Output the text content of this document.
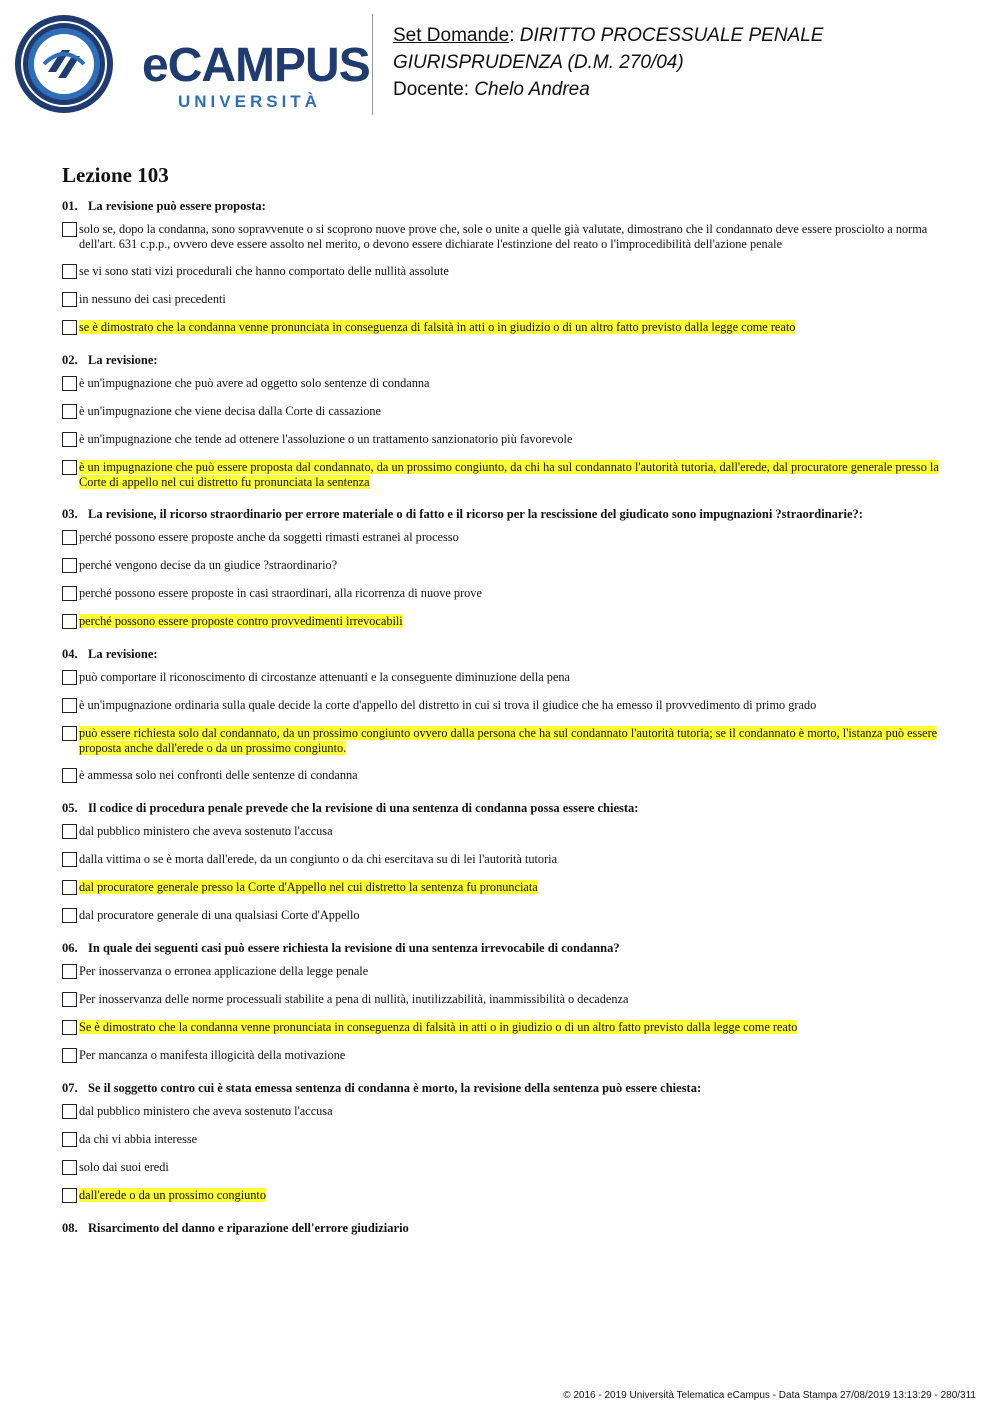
eCAMPUS
UNIVERSITÀ
Set Domande: DIRITTO PROCESSUALE PENALE
GIURISPRUDENZA (D.M. 270/04)
Docente: Chelo Andrea
Lezione 103
01. La revisione può essere proposta:
solo se, dopo la condanna, sono sopravvenute o si scoprono nuove prove che, sole o unite a quelle già valutate, dimostrano che il condannato deve essere prosciolto a norma dell'art. 631 c.p.p., ovvero deve essere assolto nel merito, o devono essere dichiarate l'estinzione del reato o l'improcedibilità dell'azione penale
se vi sono stati vizi procedurali che hanno comportato delle nullità assolute
in nessuno dei casi precedenti
se è dimostrato che la condanna venne pronunciata in conseguenza di falsità in atti o in giudizio o di un altro fatto previsto dalla legge come reato
02. La revisione:
è un'impugnazione che può avere ad oggetto solo sentenze di condanna
è un'impugnazione che viene decisa dalla Corte di cassazione
è un'impugnazione che tende ad ottenere l'assoluzione o un trattamento sanzionatorio più favorevole
è un impugnazione che può essere proposta dal condannato, da un prossimo congiunto, da chi ha sul condannato l'autorità tutoria, dall'erede, dal procuratore generale presso la Corte di appello nel cui distretto fu pronunciata la sentenza
03. La revisione, il ricorso straordinario per errore materiale o di fatto e il ricorso per la rescissione del giudicato sono impugnazioni ?straordinarie?:
perché possono essere proposte anche da soggetti rimasti estranei al processo
perché vengono decise da un giudice ?straordinario?
perché possono essere proposte in casi straordinari, alla ricorrenza di nuove prove
perché possono essere proposte contro provvedimenti irrevocabili
04. La revisione:
può comportare il riconoscimento di circostanze attenuanti e la conseguente diminuzione della pena
è un'impugnazione ordinaria sulla quale decide la corte d'appello del distretto in cui si trova il giudice che ha emesso il provvedimento di primo grado
può essere richiesta solo dal condannato, da un prossimo congiunto ovvero dalla persona che ha sul condannato l'autorità tutoria; se il condannato è morto, l'istanza può essere proposta anche dall'erede o da un prossimo congiunto.
è ammessa solo nei confronti delle sentenze di condanna
05. Il codice di procedura penale prevede che la revisione di una sentenza di condanna possa essere chiesta:
dal pubblico ministero che aveva sostenuto l'accusa
dalla vittima o se è morta dall'erede, da un congiunto o da chi esercitava su di lei l'autorità tutoria
dal procuratore generale presso la Corte d'Appello nel cui distretto la sentenza fu pronunciata
dal procuratore generale di una qualsiasi Corte d'Appello
06. In quale dei seguenti casi può essere richiesta la revisione di una sentenza irrevocabile di condanna?
Per inosservanza o erronea applicazione della legge penale
Per inosservanza delle norme processuali stabilite a pena di nullità, inutilizzabilità, inammissibilità o decadenza
Se è dimostrato che la condanna venne pronunciata in conseguenza di falsità in atti o in giudizio o di un altro fatto previsto dalla legge come reato
Per mancanza o manifesta illogicità della motivazione
07. Se il soggetto contro cui è stata emessa sentenza di condanna è morto, la revisione della sentenza può essere chiesta:
dal pubblico ministero che aveva sostenuto l'accusa
da chi vi abbia interesse
solo dai suoi eredi
dall'erede o da un prossimo congiunto
08. Risarcimento del danno e riparazione dell'errore giudiziario
© 2016 - 2019 Università Telematica eCampus - Data Stampa 27/08/2019 13:13:29 - 280/311
